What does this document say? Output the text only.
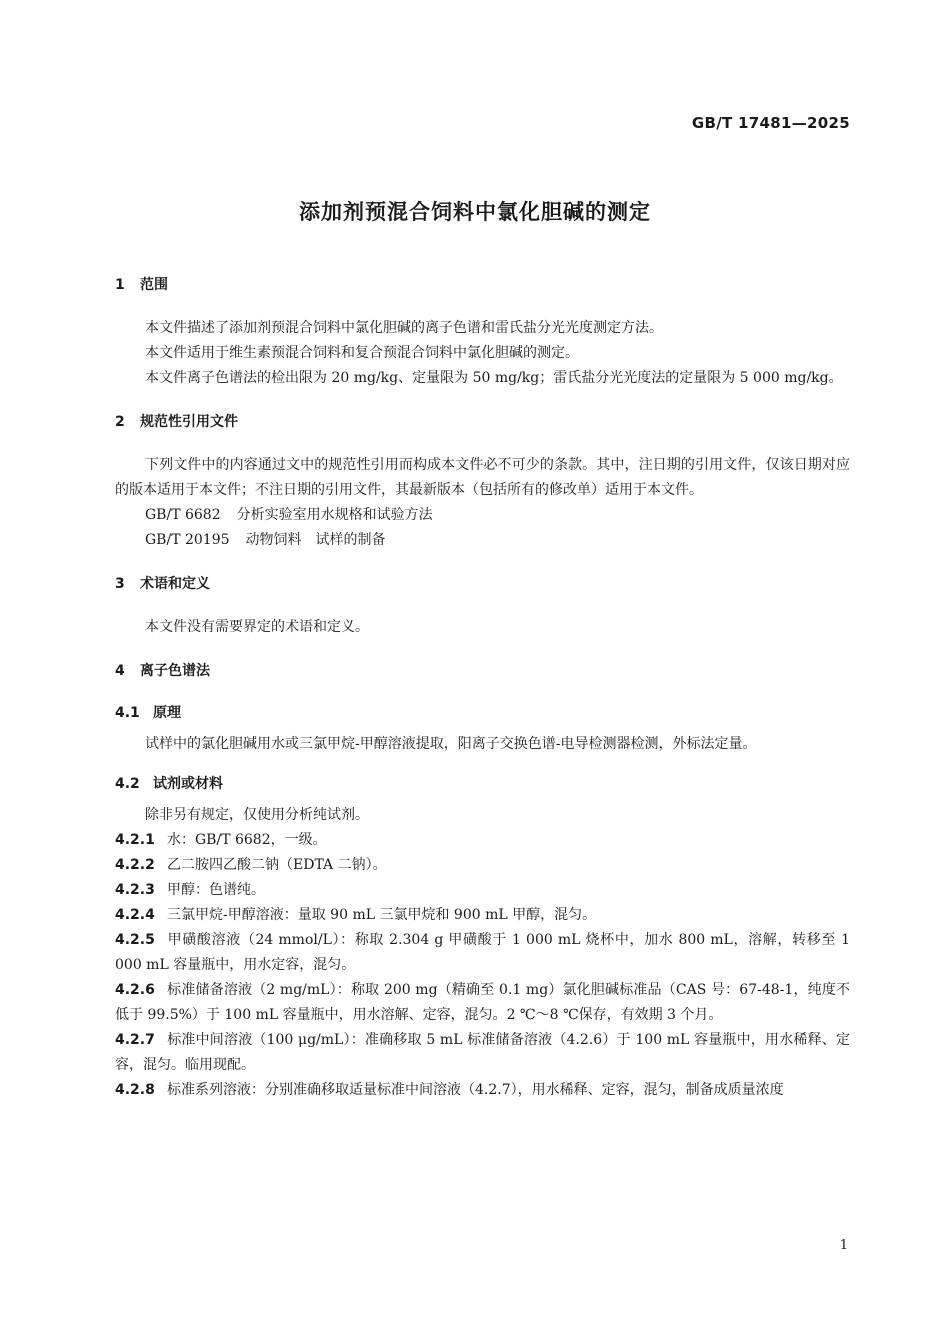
GB/T 17481—2025
添加剂预混合饲料中氯化胆碱的测定
1 范围
本文件描述了添加剂预混合饲料中氯化胆碱的离子色谱和雷氏盐分光光度测定方法。
本文件适用于维生素预混合饲料和复合预混合饲料中氯化胆碱的测定。
本文件离子色谱法的检出限为 20 mg/kg、定量限为 50 mg/kg；雷氏盐分光光度法的定量限为 5 000 mg/kg。
2 规范性引用文件
下列文件中的内容通过文中的规范性引用而构成本文件必不可少的条款。其中，注日期的引用文件，仅该日期对应的版本适用于本文件；不注日期的引用文件，其最新版本（包括所有的修改单）适用于本文件。
GB/T 6682 分析实验室用水规格和试验方法
GB/T 20195 动物饲料　试样的制备
3 术语和定义
本文件没有需要界定的术语和定义。
4 离子色谱法
4.1 原理
试样中的氯化胆碱用水或三氯甲烷-甲醇溶液提取，阳离子交换色谱-电导检测器检测，外标法定量。
4.2 试剂或材料
除非另有规定，仅使用分析纯试剂。
4.2.1 水：GB/T 6682，一级。
4.2.2 乙二胺四乙酸二钠（EDTA 二钠）。
4.2.3 甲醇：色谱纯。
4.2.4 三氯甲烷-甲醇溶液：量取 90 mL 三氯甲烷和 900 mL 甲醇，混匀。
4.2.5 甲磺酸溶液（24 mmol/L）：称取 2.304 g 甲磺酸于 1 000 mL 烧杯中，加水 800 mL，溶解，转移至 1 000 mL 容量瓶中，用水定容，混匀。
4.2.6 标准储备溶液（2 mg/mL）：称取 200 mg（精确至 0.1 mg）氯化胆碱标准品（CAS 号：67-48-1，纯度不低于 99.5%）于 100 mL 容量瓶中，用水溶解、定容，混匀。2 ℃～8 ℃保存，有效期 3 个月。
4.2.7 标准中间溶液（100 μg/mL）：准确移取 5 mL 标准储备溶液（4.2.6）于 100 mL 容量瓶中，用水稀释、定容，混匀。临用现配。
4.2.8 标准系列溶液：分别准确移取适量标准中间溶液（4.2.7），用水稀释、定容，混匀，制备成质量浓度
1
